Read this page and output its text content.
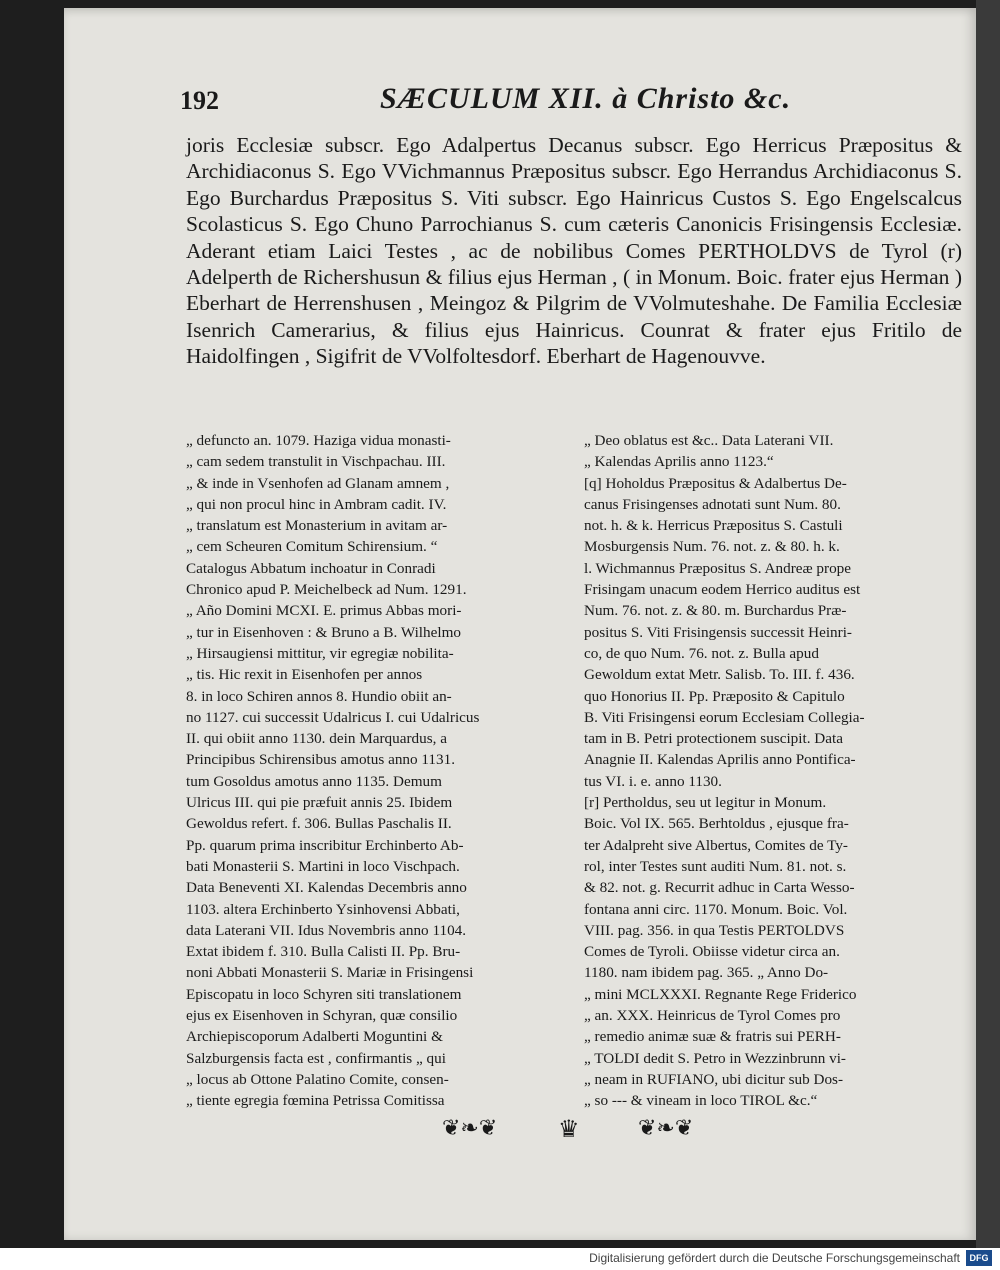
192	SÆCULUM XII. à Christo &c.

joris Ecclesiæ subscr. Ego Adalpertus Decanus subscr. Ego Herricus Præpositus & Archidiaconus S. Ego VVichmannus Præpositus subscr. Ego Herrandus Archidiaconus S. Ego Burchardus Præpositus S. Viti subscr. Ego Hainricus Custos S. Ego Engelscalcus Scolasticus S. Ego Chuno Parrochianus S. cum cæteris Canonicis Frisingensis Ecclesiæ. Aderant etiam Laici Testes , ac de nobilibus Comes PERTHOLDVS de Tyrol (r) Adelperth de Richershusun & filius ejus Herman , ( in Monum. Boic. frater ejus Herman ) Eberhart de Herrenshusen , Meingoz & Pilgrim de VVolmuteshahe. De Familia Ecclesiæ Isenrich Camerarius, & filius ejus Hainricus. Counrat & frater ejus Fritilo de Haidolfingen , Sigifrit de VVolfoltesdorf. Eberhart de Hagenouvve.

„ defuncto an. 1079. Haziga vidua monasti-
„ cam sedem transtulit in Vischpachau. III.
„ & inde in Vsenhofen ad Glanam amnem ,
„ qui non procul hinc in Ambram cadit. IV.
„ translatum est Monasterium in avitam ar-
„ cem Scheuren Comitum Schirensium. “
Catalogus Abbatum inchoatur in Conradi
Chronico apud P. Meichelbeck ad Num. 1291.
„ Año Domini MCXI. E. primus Abbas mori-
„ tur in Eisenhoven : & Bruno a B. Wilhelmo
„ Hirsaugiensi mittitur, vir egregiæ nobilita-
„ tis. Hic rexit in Eisenhofen per annos
8. in loco Schiren annos 8. Hundio obiit an-
no 1127. cui successit Udalricus I. cui Udalricus
II. qui obiit anno 1130. dein Marquardus, a
Principibus Schirensibus amotus anno 1131.
tum Gosoldus amotus anno 1135. Demum
Ulricus III. qui pie præfuit annis 25. Ibidem
Gewoldus refert. f. 306. Bullas Paschalis II.
Pp. quarum prima inscribitur Erchinberto Ab-
bati Monasterii S. Martini in loco Vischpach.
Data Beneventi XI. Kalendas Decembris anno
1103. altera Erchinberto Ysinhovensi Abbati,
data Laterani VII. Idus Novembris anno 1104.
Extat ibidem f. 310. Bulla Calisti II. Pp. Bru-
noni Abbati Monasterii S. Mariæ in Frisingensi
Episcopatu in loco Schyren siti translationem
ejus ex Eisenhoven in Schyran, quæ consilio
Archiepiscoporum Adalberti Moguntini &
Salzburgensis facta est , confirmantis „ qui
„ locus ab Ottone Palatino Comite, consen-
„ tiente egregia fœmina Petrissa Comitissa
„ Deo oblatus est &c.. Data Laterani VII.
„ Kalendas Aprilis anno 1123.“
[q] Hoholdus Præpositus & Adalbertus De-
canus Frisingenses adnotati sunt Num. 80.
not. h. & k. Herricus Præpositus S. Castuli
Mosburgensis Num. 76. not. z. & 80. h. k.
l. Wichmannus Præpositus S. Andreæ prope
Frisingam unacum eodem Herrico auditus est
Num. 76. not. z. & 80. m. Burchardus Præ-
positus S. Viti Frisingensis successit Heinri-
co, de quo Num. 76. not. z. Bulla apud
Gewoldum extat Metr. Salisb. To. III. f. 436.
quo Honorius II. Pp. Præposito & Capitulo
B. Viti Frisingensi eorum Ecclesiam Collegia-
tam in B. Petri protectionem suscipit. Data
Anagnie II. Kalendas Aprilis anno Pontifica-
tus VI. i. e. anno 1130.
[r] Pertholdus, seu ut legitur in Monum.
Boic. Vol IX. 565. Berhtoldus , ejusque fra-
ter Adalpreht sive Albertus, Comites de Ty-
rol, inter Testes sunt auditi Num. 81. not. s.
& 82. not. g. Recurrit adhuc in Carta Wesso-
fontana anni circ. 1170. Monum. Boic. Vol.
VIII. pag. 356. in qua Testis PERTOLDVS
Comes de Tyroli. Obiisse videtur circa an.
1180. nam ibidem pag. 365. „ Anno Do-
„ mini MCLXXXI. Regnante Rege Friderico
„ an. XXX. Heinricus de Tyrol Comes pro
„ remedio animæ suæ & fratris sui PERH-
„ TOLDI dedit S. Petro in Wezzinbrunn vi-
„ neam in RUFIANO, ubi dicitur sub Dos-
„ so --- & vineam in loco TIROL &c.“
❦❧❦	♛	❦❧❦
Digitalisierung gefördert durch die Deutsche Forschungsgemeinschaft	DFG
